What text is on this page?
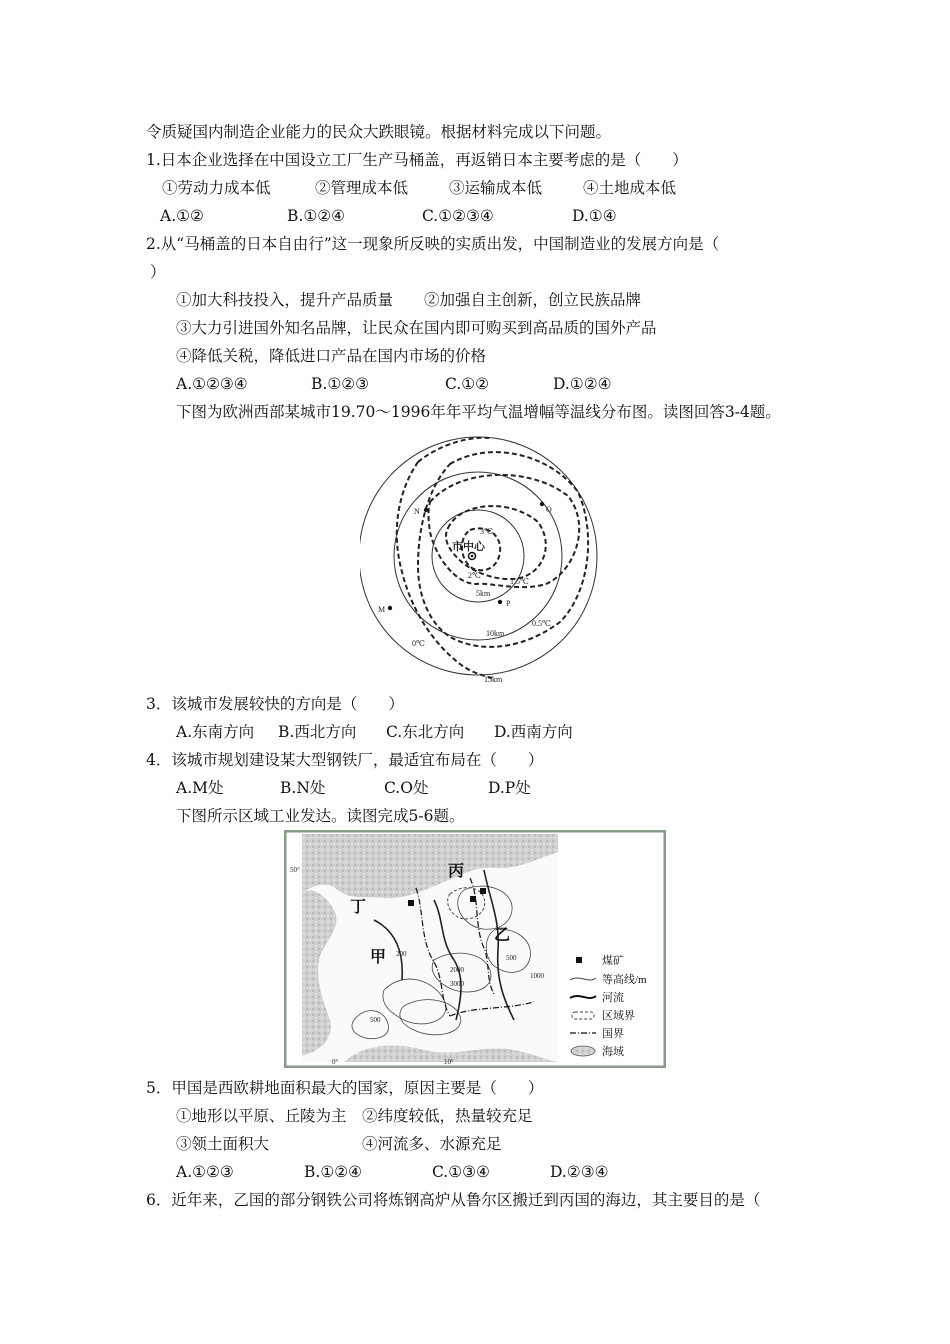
令质疑国内制造企业能力的民众大跌眼镜。根据材料完成以下问题。
1.日本企业选择在中国设立工厂生产马桶盖，再返销日本主要考虑的是（　　）
①劳动力成本低	②管理成本低	③运输成本低	④土地成本低
A.①②	B.①②④	C.①②③④	D.①④
2.从“马桶盖的日本自由行”这一现象所反映的实质出发，中国制造业的发展方向是（
）
①加大科技投入，提升产品质量　　②加强自主创新，创立民族品牌
③大力引进国外知名品牌，让民众在国内即可购买到高品质的国外产品
④降低关税，降低进口产品在国内市场的价格
A.①②③④	B.①②③	C.①②	D.①②④
下图为欧洲西部某城市19.70～1996年年平均气温增幅等温线分布图。读图回答3-4题。
市中心
3℃
2℃
1.5℃
0.5℃
0℃
5km
10km
15km
M
N	O
P
3．该城市发展较快的方向是（　　）
A.东南方向 B.西北方向 C.东北方向 D.西南方向
4．该城市规划建设某大型钢铁厂，最适宜布局在（　　）
A.M处	B.N处	C.O处	D.P处
下图所示区域工业发达。读图完成5-6题。
甲
乙
丙
丁
50°
0°	10°
200	500
1000
2000
3000
500
煤矿
等高线/m
河流
区域界
国界
海域
5．甲国是西欧耕地面积最大的国家，原因主要是（　　）
①地形以平原、丘陵为主　②纬度较低，热量较充足
③领土面积大　　　　　　④河流多、水源充足
A.①②③	B.①②④	C.①③④	D.②③④
6．近年来，乙国的部分钢铁公司将炼钢高炉从鲁尔区搬迁到丙国的海边，其主要目的是（
